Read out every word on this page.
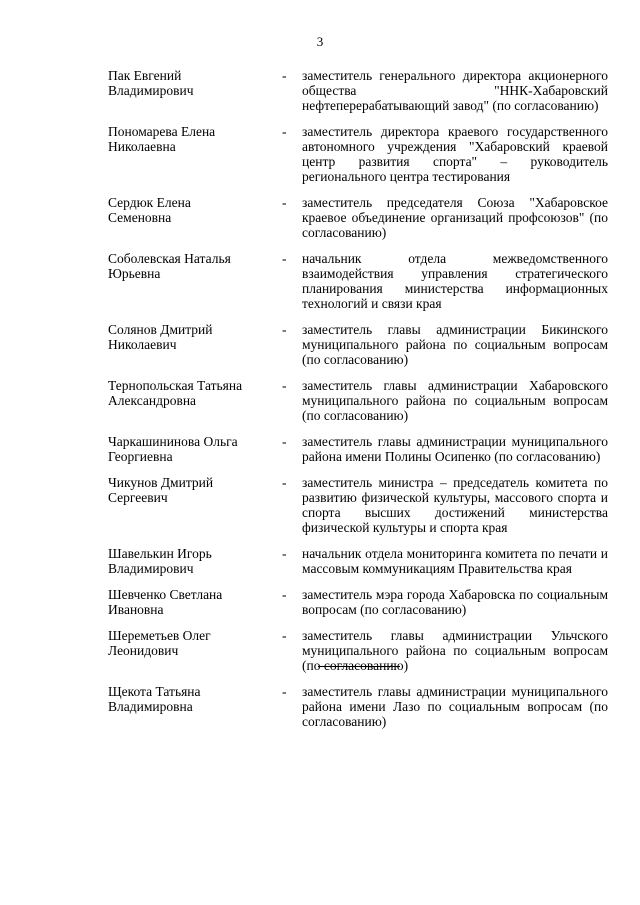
3
Пак Евгений
Владимирович
-	заместитель генерального директора акционерного общества "ННК-Хабаровский нефтеперерабатывающий завод" (по согласованию)
Пономарева Елена
Николаевна
-	заместитель директора краевого государственного автономного учреждения "Хабаровский краевой центр развития спорта" – руководитель регионального центра тестирования
Сердюк Елена
Семеновна
-	заместитель председателя Союза "Хабаровское краевое объединение организаций профсоюзов" (по согласованию)
Соболевская Наталья
Юрьевна
-	начальник отдела межведомственного взаимодействия управления стратегического планирования министерства информационных технологий и связи края
Солянов Дмитрий
Николаевич
-	заместитель главы администрации Бикинского муниципального района по социальным вопросам (по согласованию)
Тернопольская Татьяна
Александровна
-	заместитель главы администрации Хабаровского муниципального района по социальным вопросам (по согласованию)
Чаркашининова Ольга
Георгиевна
-	заместитель главы администрации муниципального района имени Полины Осипенко (по согласованию)
Чикунов Дмитрий
Сергеевич
-	заместитель министра – председатель комитета по развитию физической культуры, массового спорта и спорта высших достижений министерства физической культуры и спорта края
Шавелькин Игорь
Владимирович
-	начальник отдела мониторинга комитета по печати и массовым коммуникациям Правительства края
Шевченко Светлана
Ивановна
-	заместитель мэра города Хабаровска по социальным вопросам (по согласованию)
Шереметьев Олег
Леонидович
-	заместитель главы администрации Ульчского муниципального района по социальным вопросам (по согласованию)
Щекота Татьяна
Владимировна
-	заместитель главы администрации муниципального района имени Лазо по социальным вопросам (по согласованию)
